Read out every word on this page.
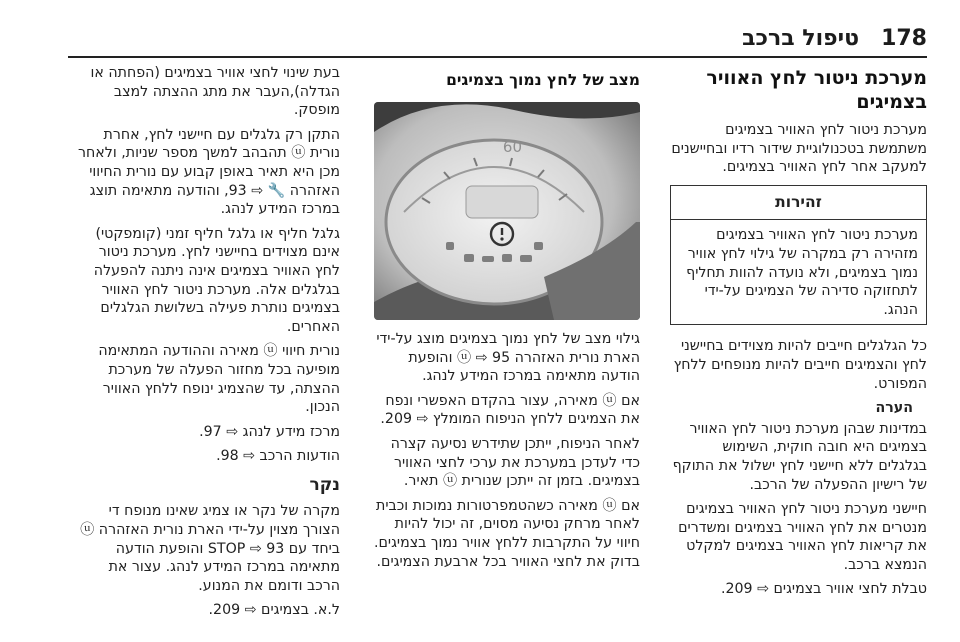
178
טיפול ברכב
מערכת ניטור לחץ האוויר בצמיגים

מערכת ניטור לחץ האוויר בצמיגים משתמשת בטכנולוגיית שידור רדיו ובחיישנים למעקב אחר לחץ האוויר בצמיגים.

זהירות
מערכת ניטור לחץ האוויר בצמיגים מזהירה רק במקרה של גילוי לחץ אוויר נמוך בצמיגים, ולא נועדה להוות תחליף לתחזוקה סדירה של הצמיגים על-ידי הנהג.

כל הגלגלים חייבים להיות מצוידים בחיישני לחץ והצמיגים חייבים להיות מנופחים ללחץ המפורט.

הערה

במדינות שבהן מערכת ניטור לחץ האוויר בצמיגים היא חובה חוקית, השימוש בגלגלים ללא חיישני לחץ ישלול את התוקף של רישיון ההפעלה של הרכב.

חיישני מערכת ניטור לחץ האוויר בצמיגים מנטרים את לחץ האוויר בצמיגים ומשדרים את קריאות לחץ האוויר בצמיגים למקלט הנמצא ברכב.

טבלת לחצי אוויר בצמיגים ⇨ 209.

מצב של לחץ נמוך בצמיגים
60

גילוי מצב של לחץ נמוך בצמיגים מוצג על-ידי הארת נורית האזהרה ⓤ ⇨ 95 והופעת הודעה מתאימה במרכז המידע לנהג.

אם ⓤ מאירה, עצור בהקדם האפשרי ונפח את הצמיגים ללחץ הניפוח המומלץ ⇨ 209.

לאחר הניפוח, ייתכן שתידרש נסיעה קצרה כדי לעדכן במערכת את ערכי לחצי האוויר בצמיגים. בזמן זה ייתכן שנורית ⓤ תאיר.

אם ⓤ מאירה כשהטמפרטורות נמוכות וכבית לאחר מרחק נסיעה מסוים, זה יכול להיות חיווי על התקרבות ללחץ אוויר נמוך בצמיגים. בדוק את לחצי האוויר בכל ארבעת הצמיגים.

בעת שינוי לחצי אוויר בצמיגים (הפחתה או הגדלה),העבר את מתג ההצתה למצב מופסק.

התקן רק גלגלים עם חיישני לחץ, אחרת נורית ⓤ תהבהב למשך מספר שניות, ולאחר מכן היא תאיר באופן קבוע עם נורית החיווי האזהרה 🔧 ⇨ 93, והודעה מתאימה תוצג במרכז המידע לנהג.

גלגל חליף או גלגל חליף זמני (קומפקטי) אינם מצוידים בחיישני לחץ. מערכת ניטור לחץ האוויר בצמיגים אינה ניתנה להפעלה בגלגלים אלה. מערכת ניטור לחץ האוויר בצמיגים נותרת פעילה בשלושת הגלגלים האחרים.

נורית חיווי ⓤ מאירה וההודעה המתאימה מופיעה בכל מחזור הפעלה של מערכת ההצתה, עד שהצמיג ינופח ללחץ האוויר הנכון.

מרכז מידע לנהג ⇨ 97.

הודעות הרכב ⇨ 98.

נקר

מקרה של נקר או צמיג שאינו מנופח די הצורך מצוין על-ידי הארת נורית האזהרה ⓤ ביחד עם STOP ⇨ 93 והופעת הודעה מתאימה במרכז המידע לנהג. עצור את הרכב ודומם את המנוע.

ל.א. בצמיגים ⇨ 209.
